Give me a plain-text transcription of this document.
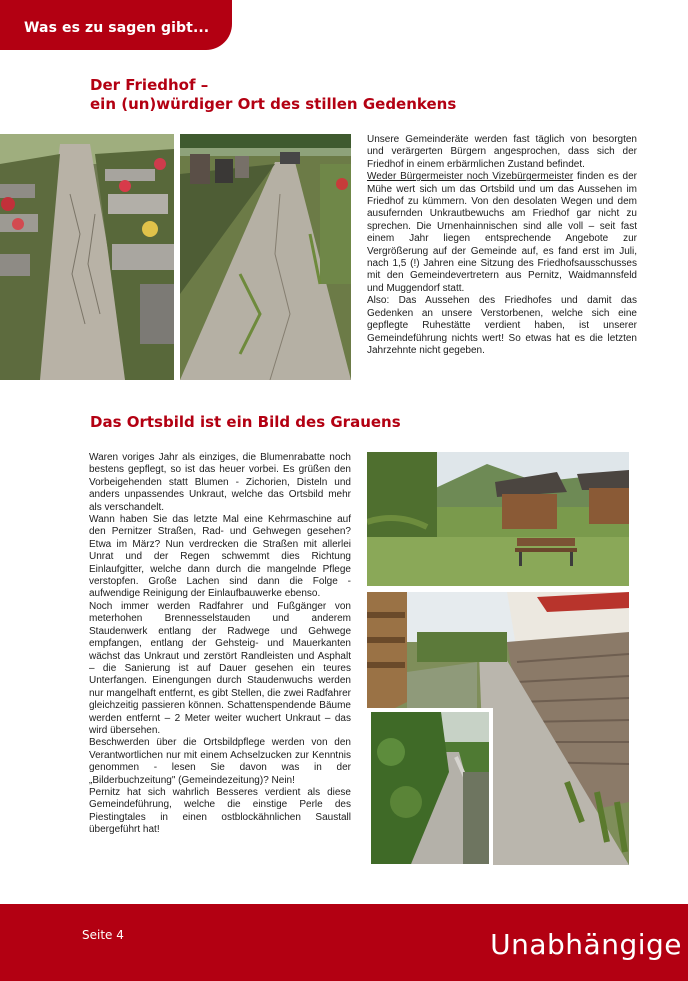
Was es zu sagen gibt...
Der Friedhof –
ein (un)würdiger Ort des stillen Gedenkens

Unsere Gemeinderäte werden fast täglich von besorgten und verärgerten Bürgern angesprochen, dass sich der Friedhof in einem erbärmlichen Zustand befindet.

Weder Bürgermeister noch Vizebürgermeister finden es der Mühe wert sich um das Ortsbild und um das Aussehen im Friedhof zu kümmern. Von den desolaten Wegen und dem ausufernden Unkrautbewuchs am Friedhof gar nicht zu sprechen. Die Urnenhainnischen sind alle voll – seit fast einem Jahr liegen entsprechende Angebote zur Vergrößerung auf der Gemeinde auf, es fand erst im Juli, nach 1,5 (!) Jahren eine Sitzung des Friedhofsausschusses mit den Gemeindevertretern aus Pernitz, Waidmannsfeld und Muggendorf statt.

Also: Das Aussehen des Friedhofes und damit das Gedenken an unsere Verstorbenen, welche sich eine gepflegte Ruhestätte verdient haben, ist unserer Gemeindeführung nichts wert! So etwas hat es die letzten Jahrzehnte nicht gegeben.

Das Ortsbild ist ein Bild des Grauens

Waren voriges Jahr als einziges, die Blumenrabatte noch bestens gepflegt, so ist das heuer vorbei. Es grüßen den Vorbeigehenden statt Blumen - Zichorien, Disteln und anders unpassendes Unkraut, welche das Ortsbild mehr als verschandelt.

Wann haben Sie das letzte Mal eine Kehrmaschine auf den Pernitzer Straßen, Rad- und Gehwegen gesehen? Etwa im März? Nun verdrecken die Straßen mit allerlei Unrat und der Regen schwemmt dies Richtung Einlaufgitter, welche dann durch die mangelnde Pflege verstopfen. Große Lachen sind dann die Folge - aufwendige Reinigung der Einlaufbauwerke ebenso.

Noch immer werden Radfahrer und Fußgänger von meterhohen Brennesselstauden und anderem Staudenwerk entlang der Radwege und Gehwege empfangen, entlang der Gehsteig- und Mauerkanten wächst das Unkraut und zerstört Randleisten und Asphalt – die Sanierung ist auf Dauer gesehen ein teures Unterfangen. Einengungen durch Staudenwuchs werden nur mangelhaft entfernt, es gibt Stellen, die zwei Radfahrer gleichzeitig passieren können. Schattenspendende Bäume werden entfernt – 2 Meter weiter wuchert Unkraut – das wird übersehen.

Beschwerden über die Ortsbildpflege werden von den Verantwortlichen nur mit einem Achselzucken zur Kenntnis genommen - lesen Sie davon was in der „Bilderbuchzeitung" (Gemeindezeitung)? Nein!

Pernitz hat sich wahrlich Besseres verdient als diese Gemeindeführung, welche die einstige Perle des Piestingtales in einen ostblockähnlichen Saustall übergeführt hat!

Seite 4	Unabhängige
